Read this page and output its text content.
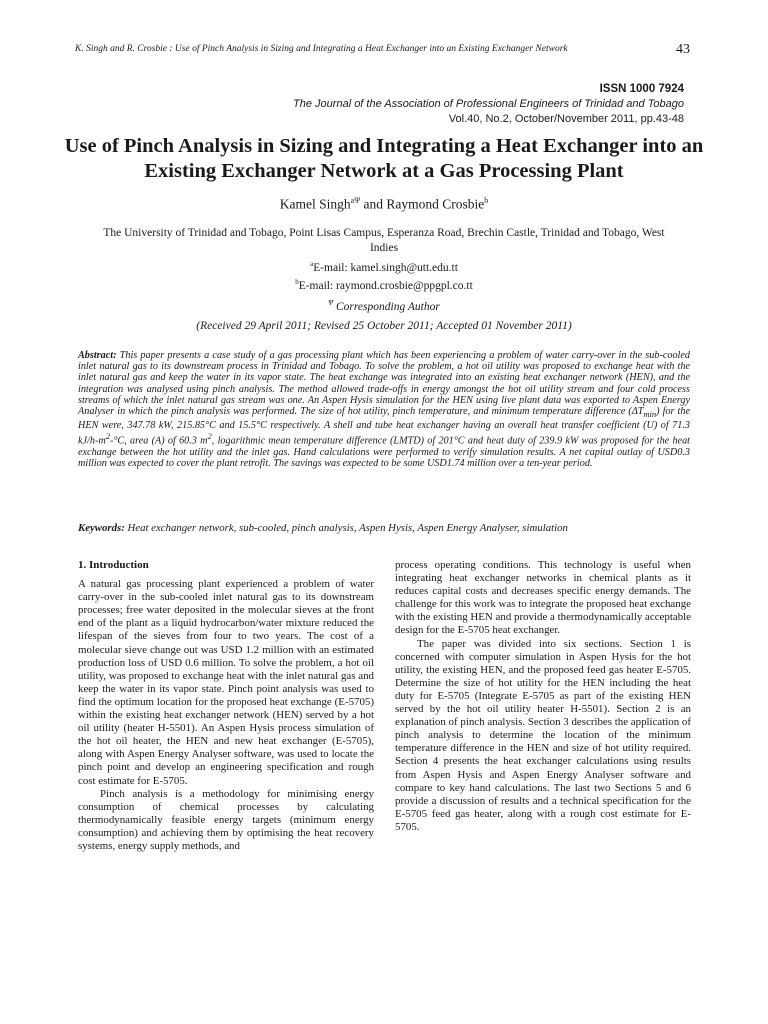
K. Singh and R. Crosbie : Use of Pinch Analysis in Sizing and Integrating a Heat Exchanger into an Existing Exchanger Network	43
ISSN 1000 7924
The Journal of the Association of Professional Engineers of Trinidad and Tobago
Vol.40, No.2, October/November 2011, pp.43-48
Use of Pinch Analysis in Sizing and Integrating a Heat Exchanger into an Existing Exchanger Network at a Gas Processing Plant
Kamel Singh$^{a\Psi}$ and Raymond Crosbie$^b$
The University of Trinidad and Tobago, Point Lisas Campus, Esperanza Road, Brechin Castle, Trinidad and Tobago, West Indies
$^a$E-mail: kamel.singh@utt.edu.tt
$^b$E-mail: raymond.crosbie@ppgpl.co.tt
$^\Psi$ Corresponding Author
(Received 29 April 2011; Revised 25 October 2011; Accepted 01 November 2011)

Abstract: This paper presents a case study of a gas processing plant which has been experiencing a problem of water carry-over in the sub-cooled inlet natural gas to its downstream process in Trinidad and Tobago. To solve the problem, a hot oil utility was proposed to exchange heat with the inlet natural gas and keep the water in its vapor state. The heat exchange was integrated into an existing heat exchanger network (HEN), and the integration was analysed using pinch analysis. The method allowed trade-offs in energy amongst the hot oil utility stream and four cold process streams of which the inlet natural gas stream was one. An Aspen Hysis simulation for the HEN using live plant data was exported to Aspen Energy Analyser in which the pinch analysis was performed. The size of hot utility, pinch temperature, and minimum temperature difference $(\Delta T_{min})$ for the HEN were, 347.78 kW, 215.85°C and 15.5°C respectively. A shell and tube heat exchanger having an overall heat transfer coefficient (U) of 71.3 $kJ/h-m^2-^\circ C$, area (A) of 60.3 $m^2$, logarithmic mean temperature difference (LMTD) of 201°C and heat duty of 239.9 kW was proposed for the heat exchange between the hot utility and the inlet gas. Hand calculations were performed to verify simulation results. A net capital outlay of USD0.3 million was expected to cover the plant retrofit. The savings was expected to be some USD1.74 million over a ten-year period.

Keywords: Heat exchanger network, sub-cooled, pinch analysis, Aspen Hysis, Aspen Energy Analyser, simulation

1. Introduction

A natural gas processing plant experienced a problem of water carry-over in the sub-cooled inlet natural gas to its downstream processes; free water deposited in the molecular sieves at the front end of the plant as a liquid hydrocarbon/water mixture reduced the lifespan of the sieves from four to two years. The cost of a molecular sieve change out was USD 1.2 million with an estimated production loss of USD 0.6 million. To solve the problem, a hot oil utility, was proposed to exchange heat with the inlet natural gas and keep the water in its vapor state. Pinch point analysis was used to find the optimum location for the proposed heat exchange (E-5705) within the existing heat exchanger network (HEN) served by a hot oil utility (heater H-5501). An Aspen Hysis process simulation of the hot oil heater, the HEN and new heat exchanger (E-5705), along with Aspen Energy Analyser software, was used to locate the pinch point and develop an engineering specification and rough cost estimate for E-5705.

Pinch analysis is a methodology for minimising energy consumption of chemical processes by calculating thermodynamically feasible energy targets (minimum energy consumption) and achieving them by optimising the heat recovery systems, energy supply methods, and

process operating conditions. This technology is useful when integrating heat exchanger networks in chemical plants as it reduces capital costs and decreases specific energy demands. The challenge for this work was to integrate the proposed heat exchange with the existing HEN and provide a thermodynamically acceptable design for the E-5705 heat exchanger.

The paper was divided into six sections. Section 1 is concerned with computer simulation in Aspen Hysis for the hot utility, the existing HEN, and the proposed feed gas heater E-5705. Determine the size of hot utility for the HEN including the heat duty for E-5705 (Integrate E-5705 as part of the existing HEN served by the hot oil utility heater H-5501). Section 2 is an explanation of pinch analysis. Section 3 describes the application of pinch analysis to determine the location of the minimum temperature difference in the HEN and size of hot utility required. Section 4 presents the heat exchanger calculations using results from Aspen Hysis and Aspen Energy Analyser software and compare to key hand calculations. The last two Sections 5 and 6 provide a discussion of results and a technical specification for the E-5705 feed gas heater, along with a rough cost estimate for E-5705.
